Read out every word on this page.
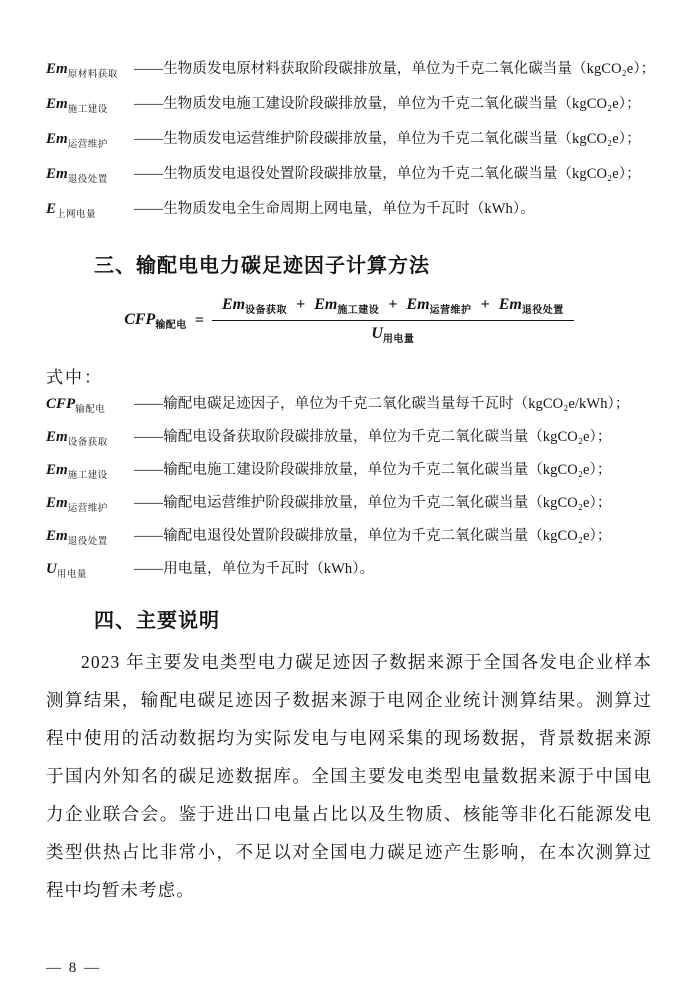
$Em_{原材料获取}$	——生物质发电原材料获取阶段碳排放量，单位为千克二氧化碳当量（kgCO₂e）；
$Em_{施工建设}$	——生物质发电施工建设阶段碳排放量，单位为千克二氧化碳当量（kgCO₂e）；
$Em_{运营维护}$	——生物质发电运营维护阶段碳排放量，单位为千克二氧化碳当量（kgCO₂e）；
$Em_{退役处置}$	——生物质发电退役处置阶段碳排放量，单位为千克二氧化碳当量（kgCO₂e）；
$E_{上网电量}$	——生物质发电全生命周期上网电量，单位为千瓦时（kWh）。
三、输配电电力碳足迹因子计算方法
$CFP_{输配电}$ =
$Em_{设备获取} + Em_{施工建设} + Em_{运营维护} + Em_{退役处置}$
$U_{用电量}$
式中：
$CFP_{输配电}$	——输配电碳足迹因子，单位为千克二氧化碳当量每千瓦时（kgCO₂e/kWh）；
$Em_{设备获取}$	——输配电设备获取阶段碳排放量，单位为千克二氧化碳当量（kgCO₂e）；
$Em_{施工建设}$	——输配电施工建设阶段碳排放量，单位为千克二氧化碳当量（kgCO₂e）；
$Em_{运营维护}$	——输配电运营维护阶段碳排放量，单位为千克二氧化碳当量（kgCO₂e）；
$Em_{退役处置}$	——输配电退役处置阶段碳排放量，单位为千克二氧化碳当量（kgCO₂e）；
$U_{用电量}$	——用电量，单位为千瓦时（kWh）。
四、主要说明

2023 年主要发电类型电力碳足迹因子数据来源于全国各发电企业样本测算结果，输配电碳足迹因子数据来源于电网企业统计测算结果。测算过程中使用的活动数据均为实际发电与电网采集的现场数据，背景数据来源于国内外知名的碳足迹数据库。全国主要发电类型电量数据来源于中国电力企业联合会。鉴于进出口电量占比以及生物质、核能等非化石能源发电类型供热占比非常小，不足以对全国电力碳足迹产生影响，在本次测算过程中均暂未考虑。

— 8 —
